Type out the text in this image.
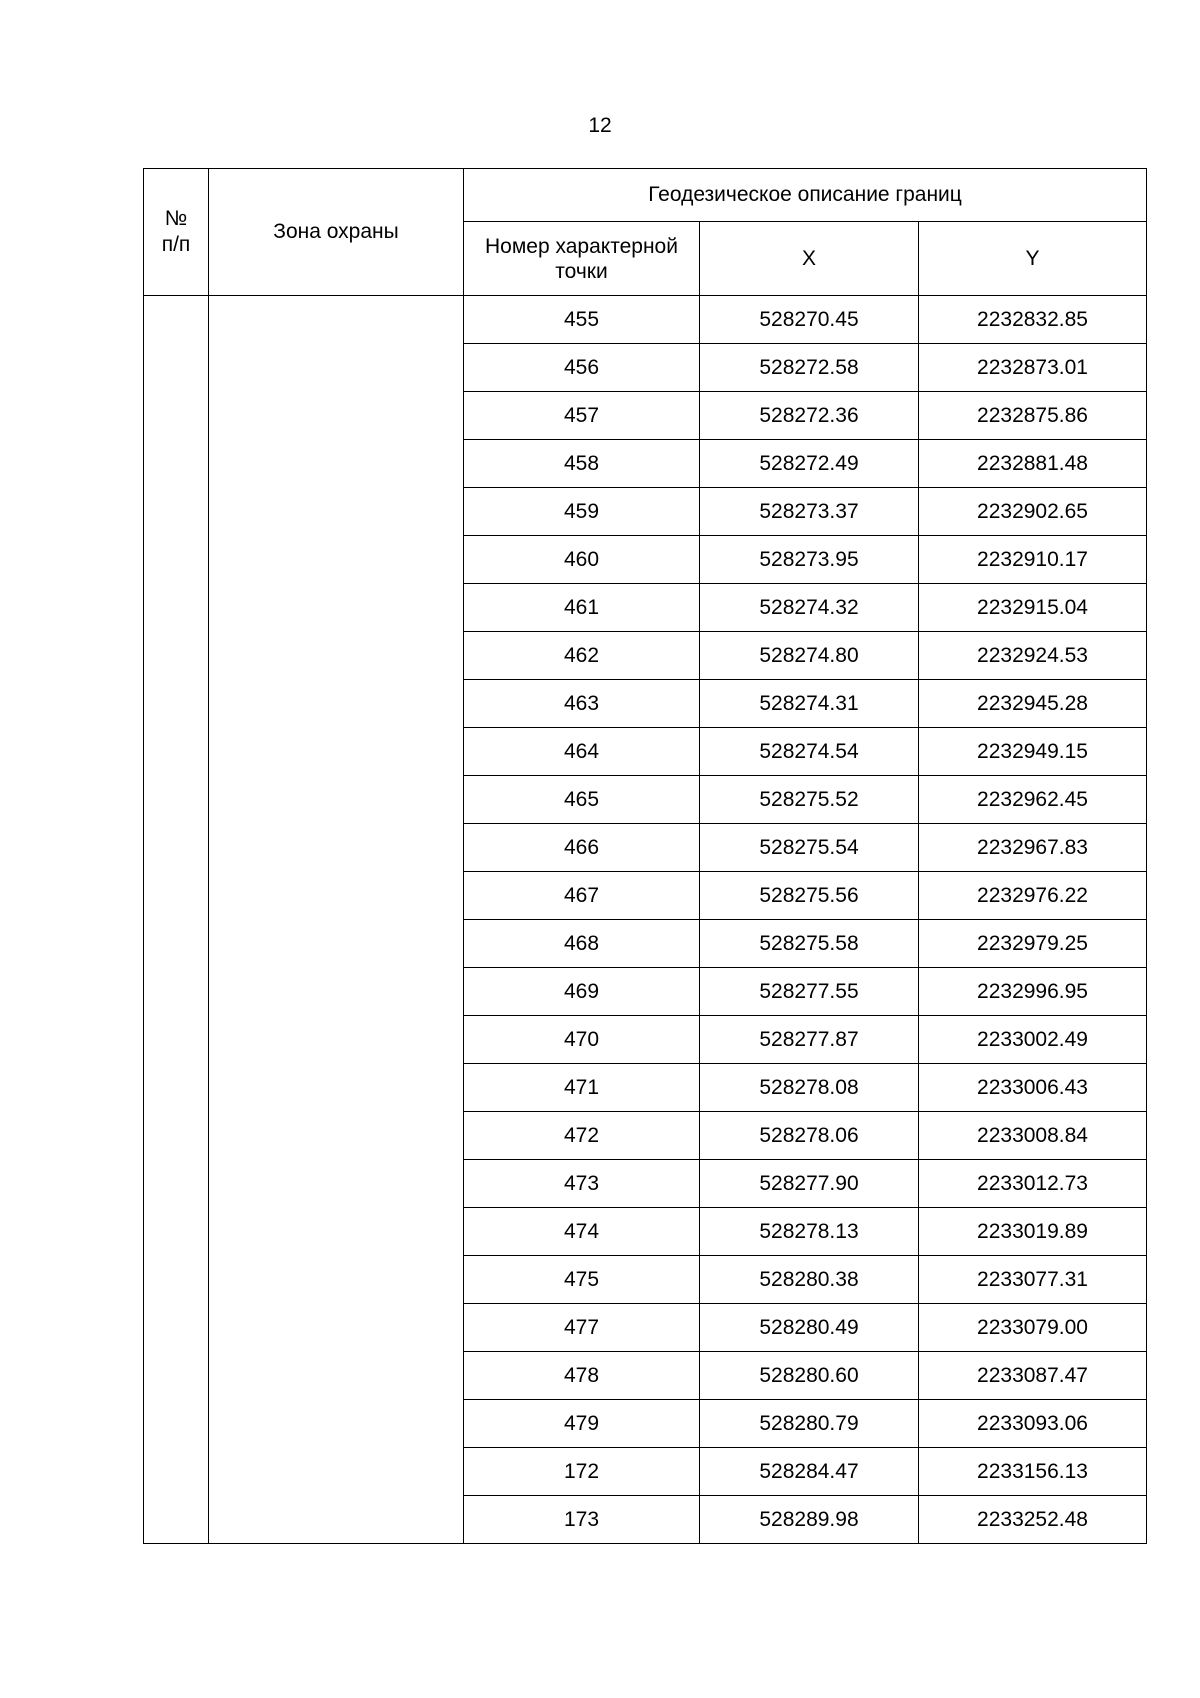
12
№ п/п	Зона охраны	Геодезическое описание границ		
		Номер характерной точки	X	Y
		455	528270.45	2232832.85
		456	528272.58	2232873.01
		457	528272.36	2232875.86
		458	528272.49	2232881.48
		459	528273.37	2232902.65
		460	528273.95	2232910.17
		461	528274.32	2232915.04
		462	528274.80	2232924.53
		463	528274.31	2232945.28
		464	528274.54	2232949.15
		465	528275.52	2232962.45
		466	528275.54	2232967.83
		467	528275.56	2232976.22
		468	528275.58	2232979.25
		469	528277.55	2232996.95
		470	528277.87	2233002.49
		471	528278.08	2233006.43
		472	528278.06	2233008.84
		473	528277.90	2233012.73
		474	528278.13	2233019.89
		475	528280.38	2233077.31
		477	528280.49	2233079.00
		478	528280.60	2233087.47
		479	528280.79	2233093.06
		172	528284.47	2233156.13
		173	528289.98	2233252.48
